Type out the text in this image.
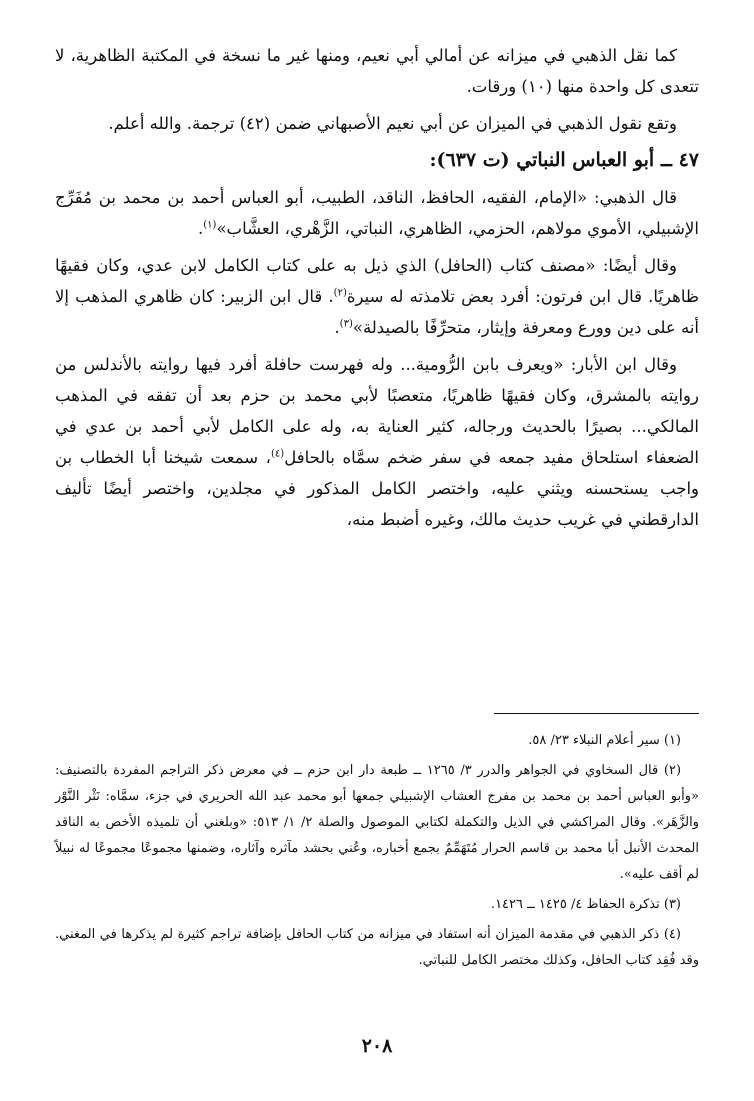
كما نقل الذهبي في ميزانه عن أمالي أبي نعيم، ومنها غير ما نسخة في المكتبة الظاهرية، لا تتعدى كل واحدة منها (١٠) ورقات.

وتقع نقول الذهبي في الميزان عن أبي نعيم الأصبهاني ضمن (٤٢) ترجمة. والله أعلم.

٤٧ ــ أبو العباس النباتي (ت ٦٣٧):

قال الذهبي: «الإمام، الفقيه، الحافظ، الناقد، الطبيب، أبو العباس أحمد بن محمد بن مُفَرِّج الإشبيلي، الأموي مولاهم، الحزمي، الظاهري، النباتي، الزَّهْري، العشَّاب»$^{(١)}$.

وقال أيضًا: «مصنف كتاب (الحافل) الذي ذيل به على كتاب الكامل لابن عدي، وكان فقيهًا ظاهريًا. قال ابن فرتون: أفرد بعض تلامذته له سيرة$^{(٢)}$. قال ابن الزبير: كان ظاهري المذهب إلا أنه على دين وورع ومعرفة وإيثار، متحرِّفًا بالصيدلة»$^{(٣)}$.

وقال ابن الأبار: «ويعرف بابن الرُّومية... وله فهرست حافلة أفرد فيها روايته بالأندلس من روايته بالمشرق، وكان فقيهًا ظاهريًا، متعصبًا لأبي محمد بن حزم بعد أن تفقه في المذهب المالكي... بصيرًا بالحديث ورجاله، كثير العناية به، وله على الكامل لأبي أحمد بن عدي في الضعفاء استلحاق مفيد جمعه في سفر ضخم سمَّاه بالحافل$^{(٤)}$، سمعت شيخنا أبا الخطاب بن واجب يستحسنه ويثني عليه، واختصر الكامل المذكور في مجلدين، واختصر أيضًا تأليف الدارقطني في غريب حديث مالك، وغيره أضبط منه،

(١) سير أعلام النبلاء ٢٣/ ٥٨.

(٢) قال السخاوي في الجواهر والدرر ٣/ ١٢٦٥ ــ طبعة دار ابن حزم ــ في معرض ذكر التراجم المفردة بالتصنيف: «وأبو العباس أحمد بن محمد بن مفرج العشاب الإشبيلي جمعها أبو محمد عبد الله الحريري في جزء، سمَّاه: نَثْر النَّوْر والزَّهَر». وقال المراكشي في الذيل والتكملة لكتابي الموصول والصلة ٢/ ١/ ٥١٣: «وبلغني أن تلميذه الأخص به الناقد المحدث الأنبل أبا محمد بن قاسم الحرار مُتَهَمِّمٌ بجمع أخباره، وعُني بحشد مآثره وآثاره، وضمنها مجموعًا مجموعًا له نبيلاً لم أقف عليه».

(٣) تذكرة الحفاظ ٤/ ١٤٢٥ ــ ١٤٢٦.

(٤) ذكر الذهبي في مقدمة الميزان أنه استفاد في ميزانه من كتاب الحافل بإضافة تراجم كثيرة لم يذكرها في المغني. وقد فُقِد كتاب الحافل، وكذلك مختصر الكامل للنباتي.

٢٠٨
